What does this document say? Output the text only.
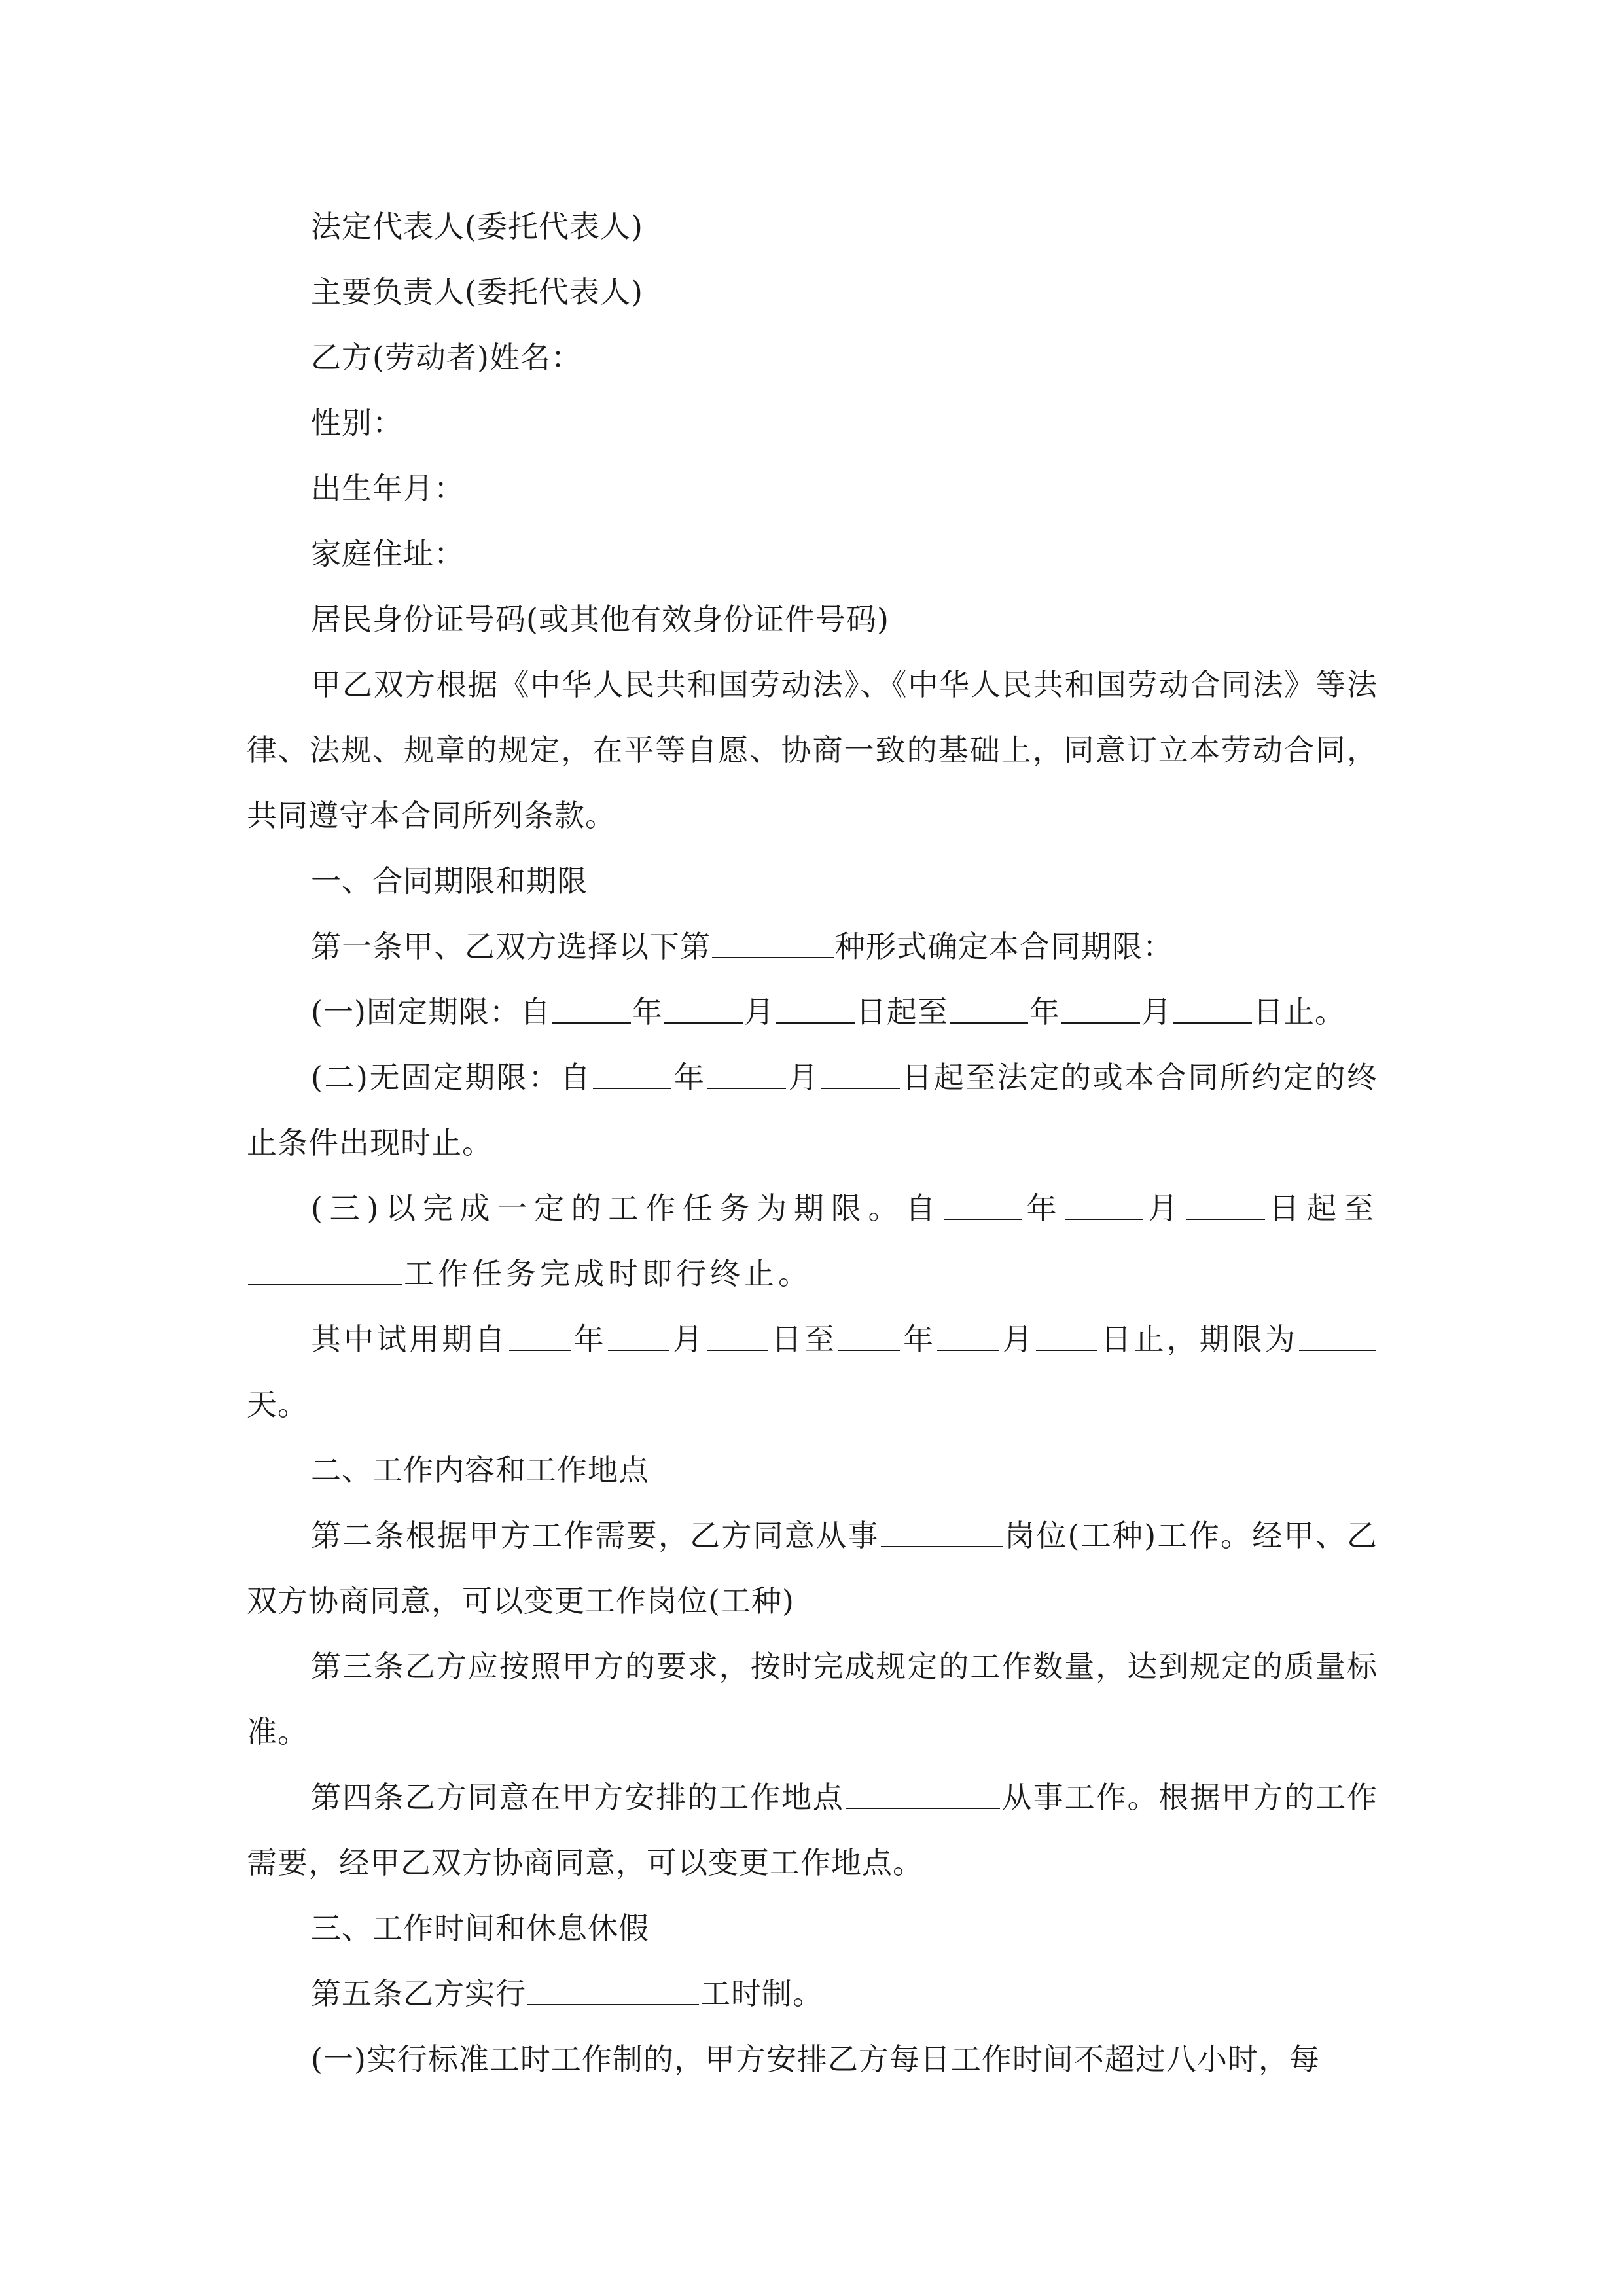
法定代表人(委托代表人)

主要负责人(委托代表人)

乙方(劳动者)姓名：

性别：

出生年月：

家庭住址：

居民身份证号码(或其他有效身份证件号码)

甲乙双方根据《中华人民共和国劳动法》、《中华人民共和国劳动合同法》等法律、法规、规章的规定，在平等自愿、协商一致的基础上，同意订立本劳动合同，共同遵守本合同所列条款。

一、合同期限和期限

第一条甲、乙双方选择以下第	种形式确定本合同期限：

(一)固定期限：自	年	月	日起至	年	月	日止。

(二)无固定期限：自	年	月	日起至法定的或本合同所约定的终止条件出现时止。

(三)以完成一定的工作任务为期限。自	年	月	日起至 工作任务完成时即行终止。

其中试用期自 年 月 日至 年 月 日止，期限为天。

二、工作内容和工作地点

第二条根据甲方工作需要，乙方同意从事	岗位(工种)工作。经甲、乙双方协商同意，可以变更工作岗位(工种)

第三条乙方应按照甲方的要求，按时完成规定的工作数量，达到规定的质量标准。

第四条乙方同意在甲方安排的工作地点	从事工作。根据甲方的工作需要，经甲乙双方协商同意，可以变更工作地点。

三、工作时间和休息休假

第五条乙方实行	工时制。

(一)实行标准工时工作制的，甲方安排乙方每日工作时间不超过八小时，每
